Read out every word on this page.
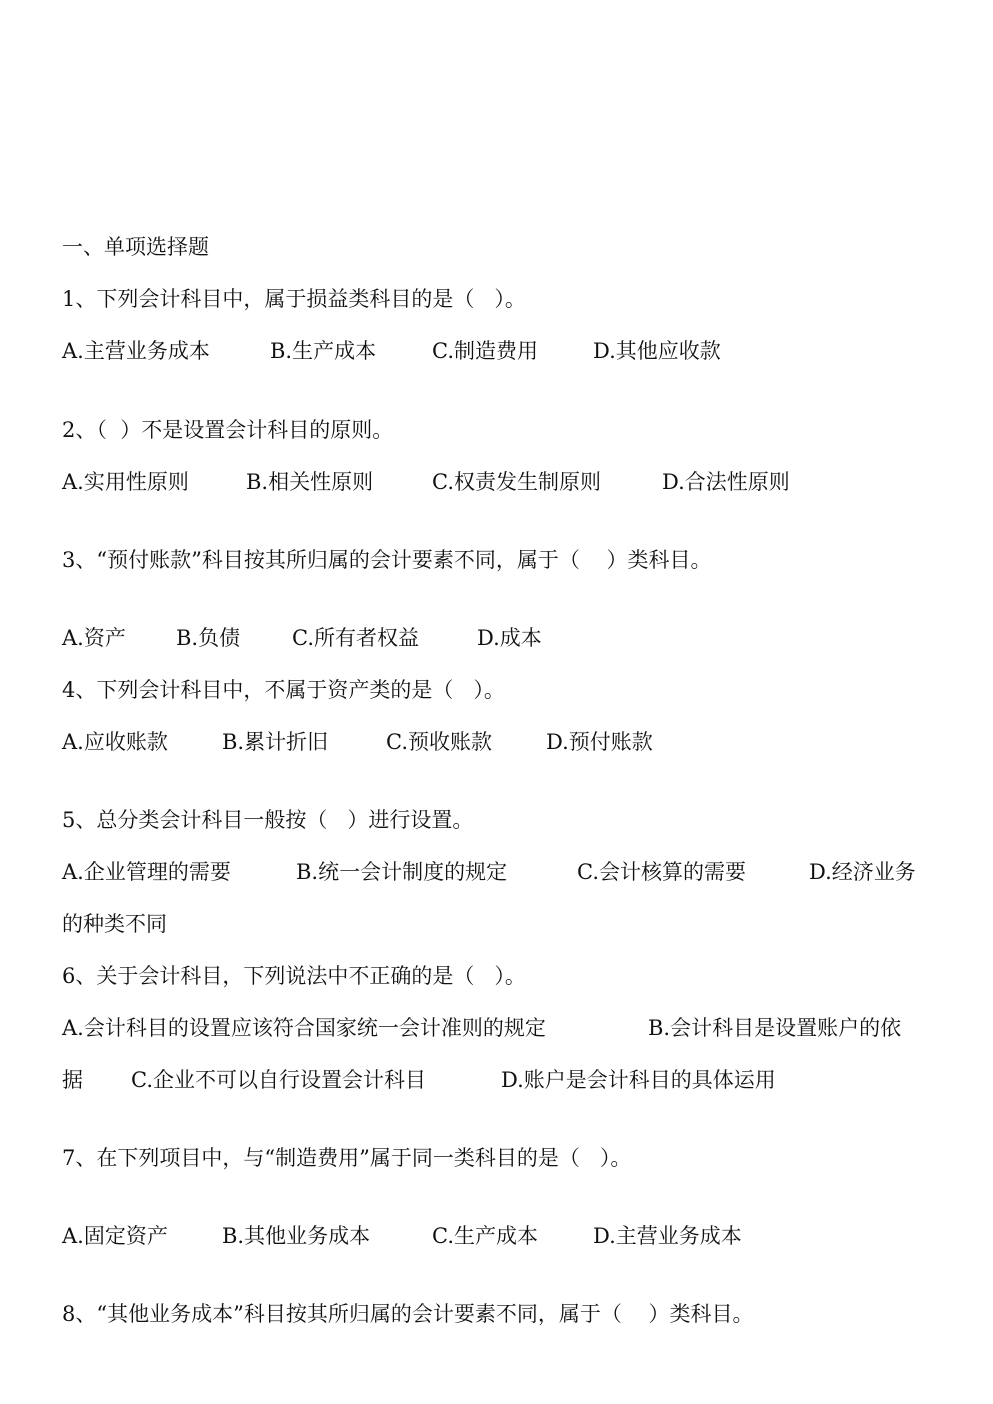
一、单项选择题
1、下列会计科目中，属于损益类科目的是（   ）。
A.主营业务成本	B.生产成本	C.制造费用	D.其他应收款
2、（  ）不是设置会计科目的原则。
A.实用性原则	B.相关性原则	C.权责发生制原则	D.合法性原则
3、“预付账款”科目按其所归属的会计要素不同，属于（    ）类科目。
A.资产 B.负债 C.所有者权益	D.成本
4、下列会计科目中，不属于资产类的是（   ）。
A.应收账款	B.累计折旧	C.预收账款	D.预付账款
5、总分类会计科目一般按（   ）进行设置。
A.企业管理的需要	B.统一会计制度的规定	C.会计核算的需要	D.经济业务
的种类不同
6、关于会计科目，下列说法中不正确的是（   ）。
A.会计科目的设置应该符合国家统一会计准则的规定	B.会计科目是设置账户的依
据 C.企业不可以自行设置会计科目	D.账户是会计科目的具体运用
7、在下列项目中，与“制造费用”属于同一类科目的是（   ）。
A.固定资产	B.其他业务成本	C.生产成本	D.主营业务成本
8、“其他业务成本”科目按其所归属的会计要素不同，属于（    ）类科目。
